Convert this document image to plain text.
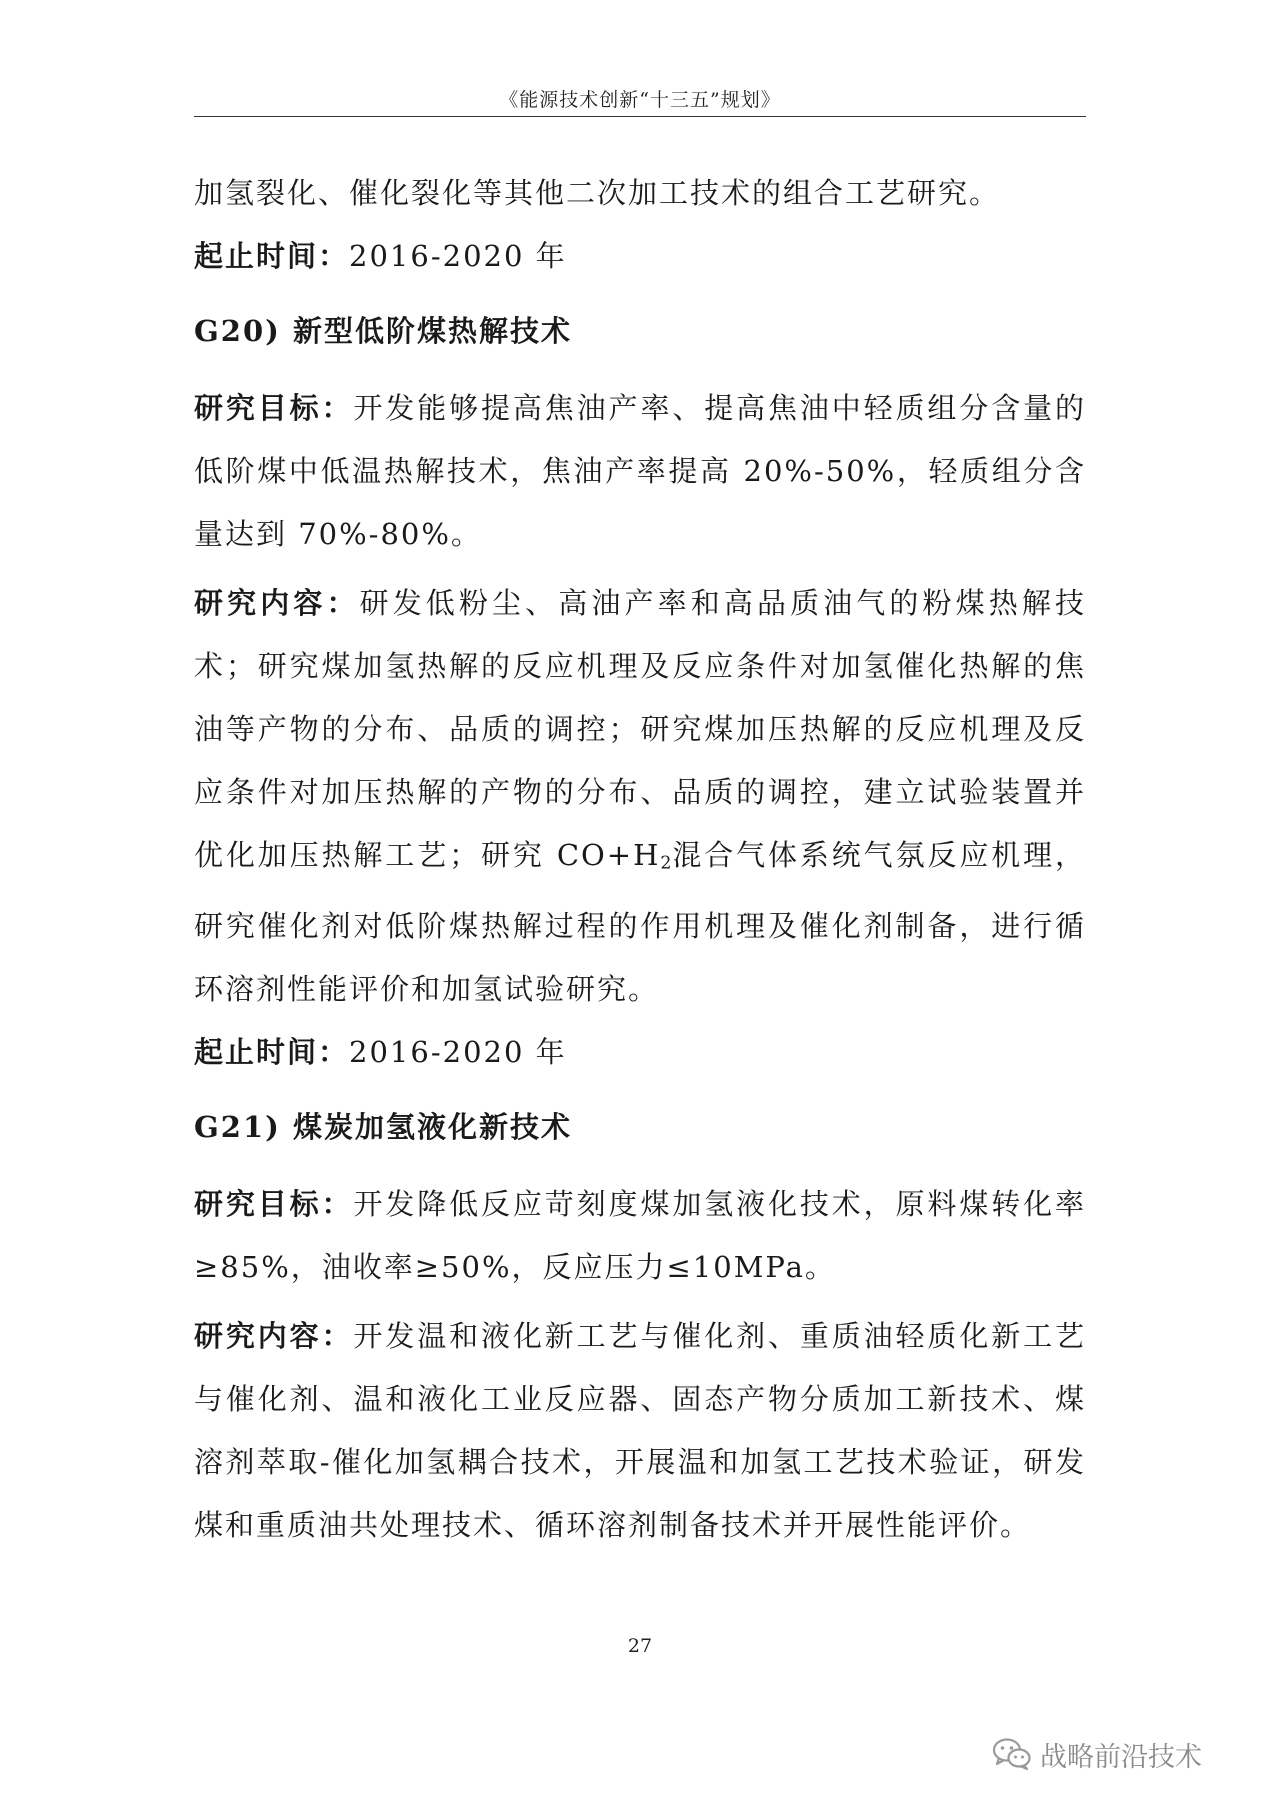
《能源技术创新“十三五”规划》

加氢裂化、催化裂化等其他二次加工技术的组合工艺研究。

起止时间：2016-2020 年

G20) 新型低阶煤热解技术

研究目标：开发能够提高焦油产率、提高焦油中轻质组分含量的低阶煤中低温热解技术，焦油产率提高 20%-50%，轻质组分含量达到 70%-80%。

研究内容：研发低粉尘、高油产率和高品质油气的粉煤热解技术；研究煤加氢热解的反应机理及反应条件对加氢催化热解的焦油等产物的分布、品质的调控；研究煤加压热解的反应机理及反应条件对加压热解的产物的分布、品质的调控，建立试验装置并优化加压热解工艺；研究 $CO+H_2$混合气体系统气氛反应机理，研究催化剂对低阶煤热解过程的作用机理及催化剂制备，进行循环溶剂性能评价和加氢试验研究。

起止时间：2016-2020 年

G21) 煤炭加氢液化新技术

研究目标：开发降低反应苛刻度煤加氢液化技术，原料煤转化率≥85%，油收率≥50%，反应压力≤10MPa。

研究内容：开发温和液化新工艺与催化剂、重质油轻质化新工艺与催化剂、温和液化工业反应器、固态产物分质加工新技术、煤溶剂萃取-催化加氢耦合技术，开展温和加氢工艺技术验证，研发煤和重质油共处理技术、循环溶剂制备技术并开展性能评价。

27
战略前沿技术
